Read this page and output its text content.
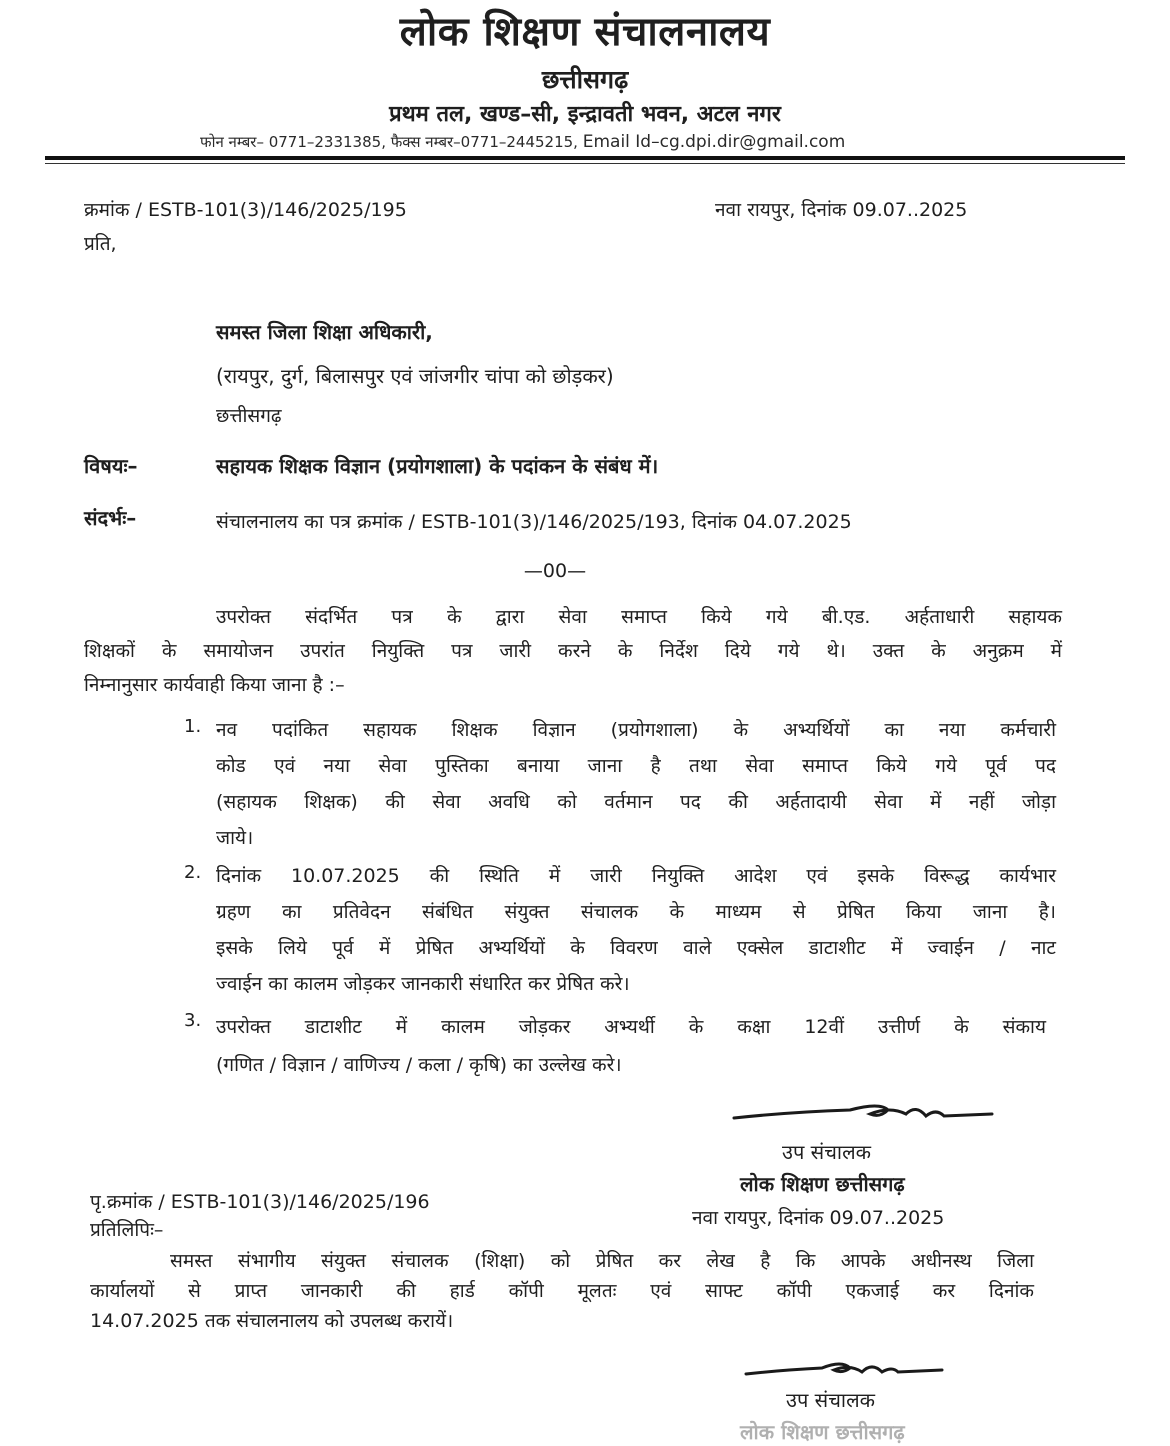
लोक शिक्षण संचालनालय
छत्तीसगढ़
प्रथम तल, खण्ड–सी, इन्द्रावती भवन, अटल नगर
फोन नम्बर– 0771–2331385, फैक्स नम्बर–0771–2445215, Email Id–cg.dpi.dir@gmail.com
क्रमांक / ESTB-101(3)/146/2025/195	नवा रायपुर, दिनांक 09.07..2025
प्रति,
समस्त जिला शिक्षा अधिकारी,
(रायपुर, दुर्ग, बिलासपुर एवं जांजगीर चांपा को छोड़कर)
छत्तीसगढ़
विषयः–	सहायक शिक्षक विज्ञान (प्रयोगशाला) के पदांकन के संबंध में।
संदर्भः–	संचालनालय का पत्र क्रमांक / ESTB-101(3)/146/2025/193, दिनांक 04.07.2025
—00—
उपरोक्त संदर्भित पत्र के द्वारा सेवा समाप्त किये गये बी.एड. अर्हताधारी सहायक
शिक्षकों के समायोजन उपरांत नियुक्ति पत्र जारी करने के निर्देश दिये गये थे। उक्त के अनुक्रम में
निम्नानुसार कार्यवाही किया जाना है :–
1. नव पदांकित सहायक शिक्षक विज्ञान (प्रयोगशाला) के अभ्यर्थियों का नया कर्मचारी
कोड एवं नया सेवा पुस्तिका बनाया जाना है तथा सेवा समाप्त किये गये पूर्व पद
(सहायक शिक्षक) की सेवा अवधि को वर्तमान पद की अर्हतादायी सेवा में नहीं जोड़ा
जाये।
2. दिनांक 10.07.2025 की स्थिति में जारी नियुक्ति आदेश एवं इसके विरूद्ध कार्यभार
ग्रहण का प्रतिवेदन संबंधित संयुक्त संचालक के माध्यम से प्रेषित किया जाना है।
इसके लिये पूर्व में प्रेषित अभ्यर्थियों के विवरण वाले एक्सेल डाटाशीट में ज्वाईन / नाट
ज्वाईन का कालम जोड़कर जानकारी संधारित कर प्रेषित करे।
3. उपरोक्त डाटाशीट में कालम जोड़कर अभ्यर्थी के कक्षा 12वीं उत्तीर्ण के संकाय
(गणित / विज्ञान / वाणिज्य / कला / कृषि) का उल्लेख करे।
उप संचालक
लोक शिक्षण छत्तीसगढ़
पृ.क्रमांक / ESTB-101(3)/146/2025/196
नवा रायपुर, दिनांक 09.07..2025
प्रतिलिपिः–
समस्त संभागीय संयुक्त संचालक (शिक्षा) को प्रेषित कर लेख है कि आपके अधीनस्थ जिला
कार्यालयों से प्राप्त जानकारी की हार्ड कॉपी मूलतः एवं साफ्ट कॉपी एकजाई कर दिनांक
14.07.2025 तक संचालनालय को उपलब्ध करायें।
उप संचालक
लोक शिक्षण छत्तीसगढ़
